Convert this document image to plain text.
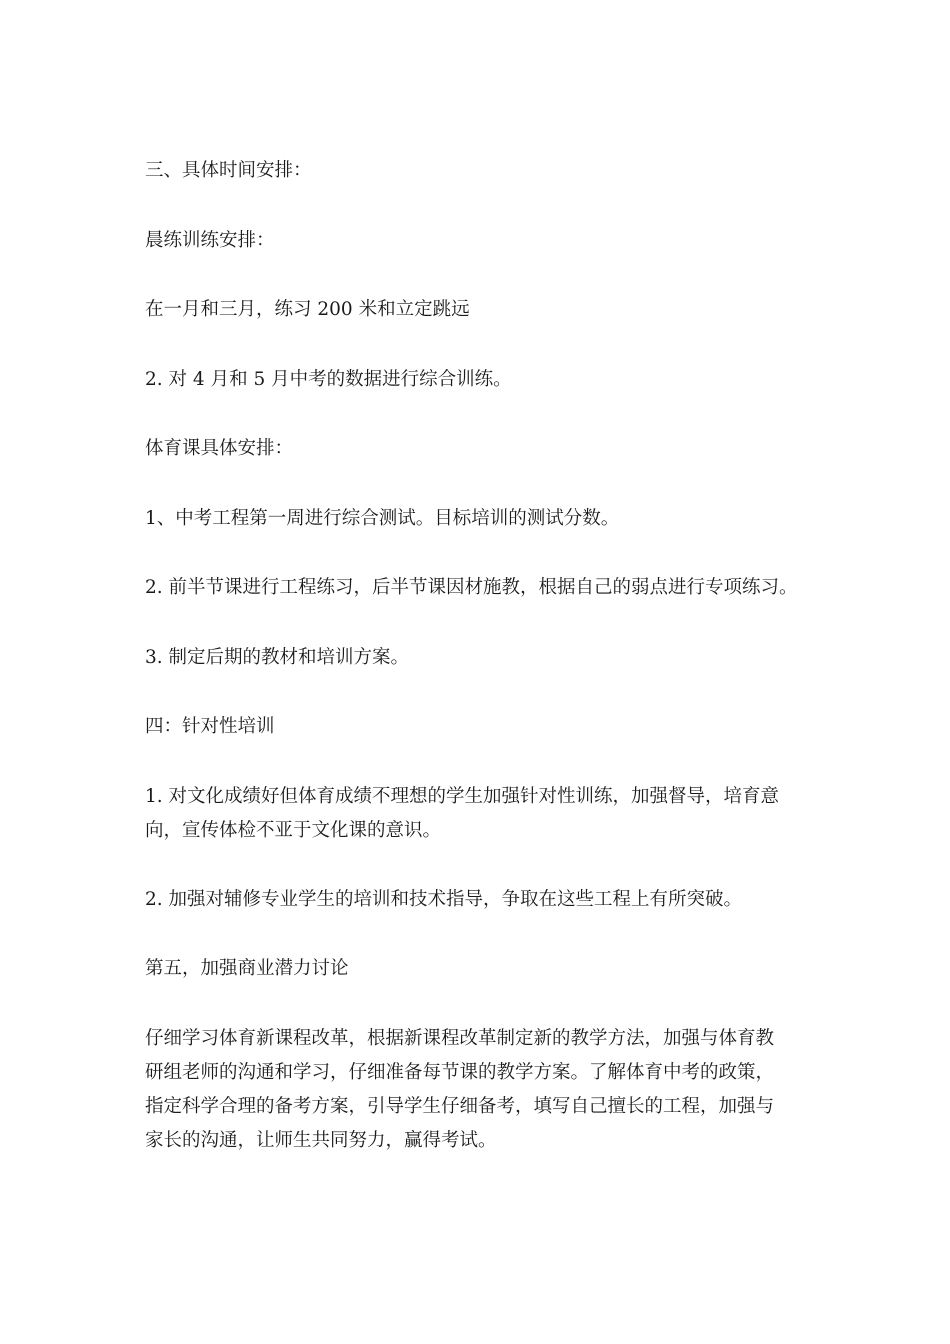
三、具体时间安排：

晨练训练安排：

在一月和三月，练习 200 米和立定跳远

2. 对 4 月和 5 月中考的数据进行综合训练。

体育课具体安排：

1、中考工程第一周进行综合测试。目标培训的测试分数。

2. 前半节课进行工程练习，后半节课因材施教，根据自己的弱点进行专项练习。

3. 制定后期的教材和培训方案。

四：针对性培训

1. 对文化成绩好但体育成绩不理想的学生加强针对性训练，加强督导，培育意
向，宣传体检不亚于文化课的意识。

2. 加强对辅修专业学生的培训和技术指导，争取在这些工程上有所突破。

第五，加强商业潜力讨论

仔细学习体育新课程改革，根据新课程改革制定新的教学方法，加强与体育教
研组老师的沟通和学习，仔细准备每节课的教学方案。了解体育中考的政策，
指定科学合理的备考方案，引导学生仔细备考，填写自己擅长的工程，加强与
家长的沟通，让师生共同努力，赢得考试。
